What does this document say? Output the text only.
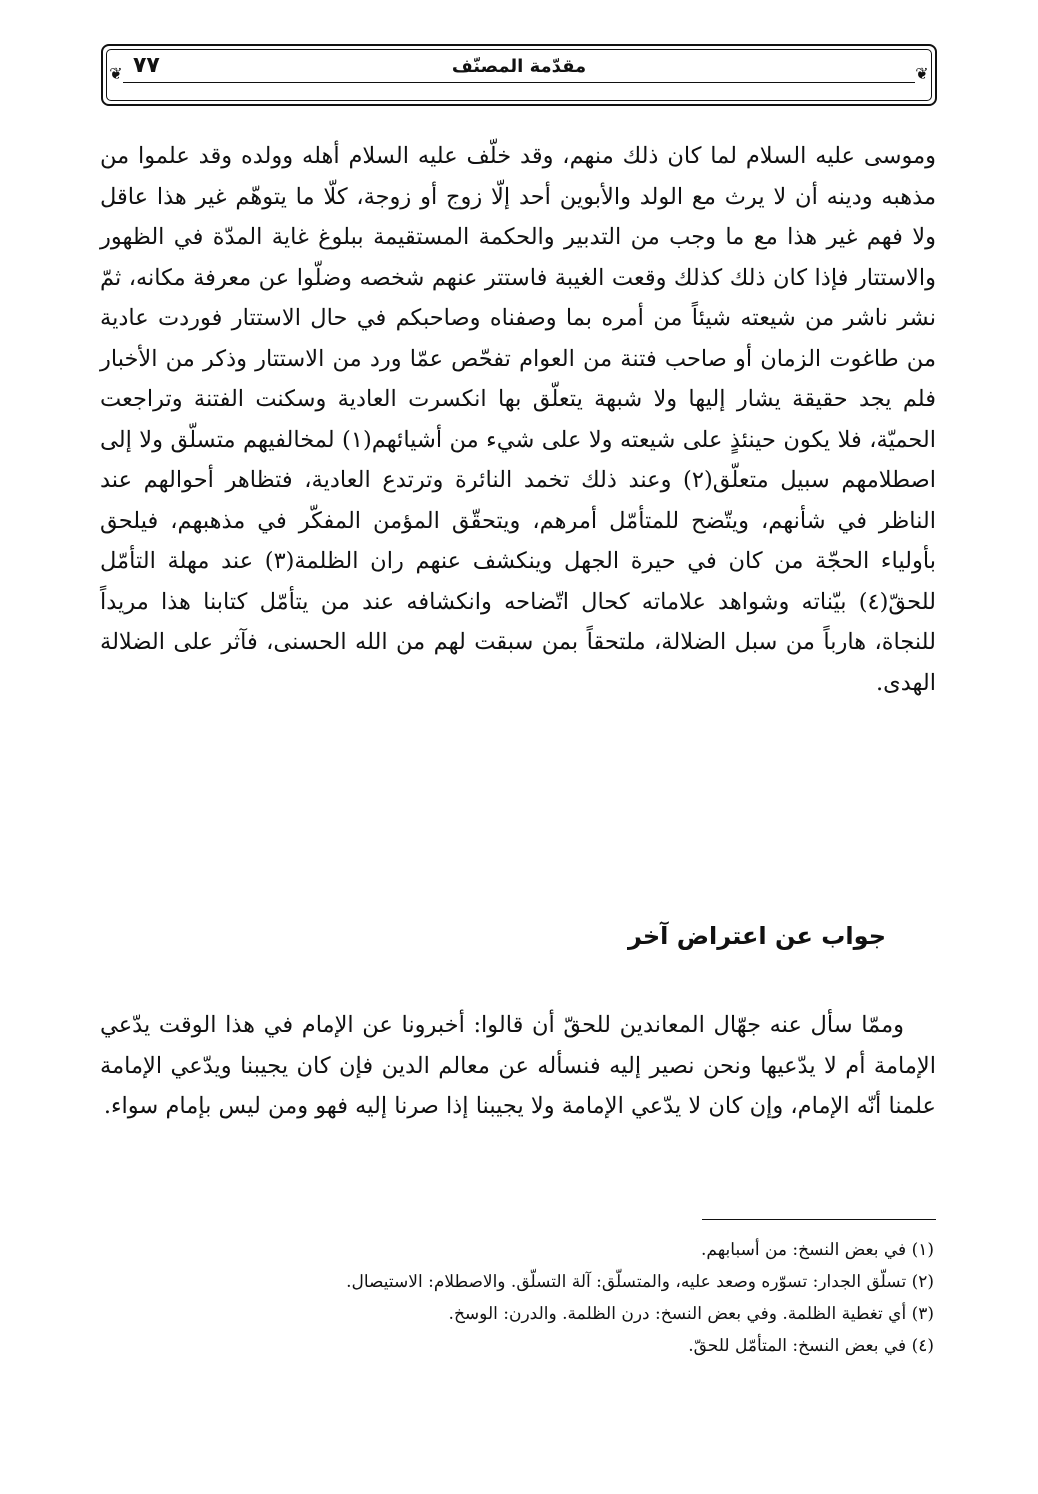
❦	❦
٧٧	مقدّمة المصنّف

وموسى عليه السلام لما كان ذلك منهم، وقد خلّف عليه السلام أهله وولده وقد علموا من مذهبه ودينه أن لا يرث مع الولد والأبوين أحد إلّا زوج أو زوجة، كلّا ما يتوهّم غير هذا عاقل ولا فهم غير هذا مع ما وجب من التدبير والحكمة المستقيمة ببلوغ غاية المدّة في الظهور والاستتار فإذا كان ذلك كذلك وقعت الغيبة فاستتر عنهم شخصه وضلّوا عن معرفة مكانه، ثمّ نشر ناشر من شيعته شيئاً من أمره بما وصفناه وصاحبكم في حال الاستتار فوردت عادية من طاغوت الزمان أو صاحب فتنة من العوام تفحّص عمّا ورد من الاستتار وذكر من الأخبار فلم يجد حقيقة يشار إليها ولا شبهة يتعلّق بها انكسرت العادية وسكنت الفتنة وتراجعت الحميّة، فلا يكون حينئذٍ على شيعته ولا على شيء من أشيائهم(١) لمخالفيهم متسلّق ولا إلى اصطلامهم سبيل متعلّق(٢) وعند ذلك تخمد النائرة وترتدع العادية، فتظاهر أحوالهم عند الناظر في شأنهم، ويتّضح للمتأمّل أمرهم، ويتحقّق المؤمن المفكّر في مذهبهم، فيلحق بأولياء الحجّة من كان في حيرة الجهل وينكشف عنهم ران الظلمة(٣) عند مهلة التأمّل للحقّ(٤) بيّناته وشواهد علاماته كحال اتّضاحه وانكشافه عند من يتأمّل كتابنا هذا مريداً للنجاة، هارباً من سبل الضلالة، ملتحقاً بمن سبقت لهم من الله الحسنى، فآثر على الضلالة الهدى.

جواب عن اعتراض آخر
وممّا سأل عنه جهّال المعاندين للحقّ أن قالوا: أخبرونا عن الإمام في هذا الوقت يدّعي الإمامة أم لا يدّعيها ونحن نصير إليه فنسأله عن معالم الدين فإن كان يجيبنا ويدّعي الإمامة علمنا أنّه الإمام، وإن كان لا يدّعي الإمامة ولا يجيبنا إذا صرنا إليه فهو ومن ليس بإمام سواء.
(١) في بعض النسخ: من أسبابهم.
(٢) تسلّق الجدار: تسوّره وصعد عليه، والمتسلّق: آلة التسلّق. والاصطلام: الاستيصال.
(٣) أي تغطية الظلمة. وفي بعض النسخ: درن الظلمة. والدرن: الوسخ.
(٤) في بعض النسخ: المتأمّل للحقّ.
